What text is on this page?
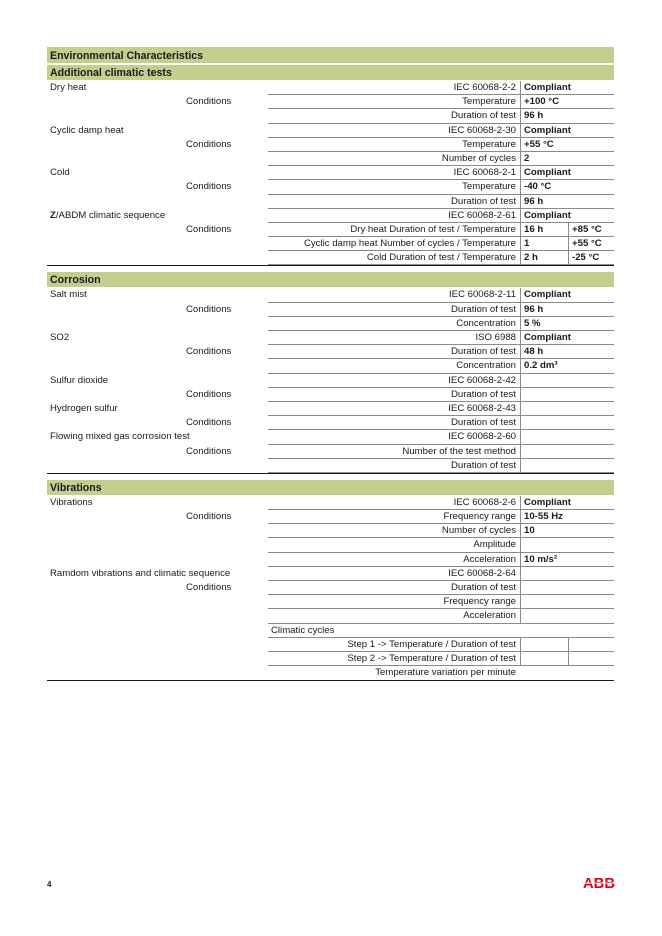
Environmental Characteristics
Additional climatic tests
Dry heat	IEC 60068-2-2 Compliant
Conditions	Temperature +100 °C
Duration of test 96 h
Cyclic damp heat	IEC 60068-2-30 Compliant
Conditions	Temperature +55 °C
Number of cycles 2
Cold	IEC 60068-2-1 Compliant
Conditions	Temperature -40 °C
Duration of test 96 h
Z/ABDM climatic sequence	IEC 60068-2-61 Compliant
Conditions	Dry heat Duration of test / Temperature 16 h	+85 °C
Cyclic damp heat Number of cycles / Temperature 1	+55 °C
Cold Duration of test / Temperature 2 h	-25 °C
Corrosion
Salt mist	IEC 60068-2-11 Compliant
Conditions	Duration of test 96 h
Concentration 5 %
SO2	ISO 6988 Compliant
Conditions	Duration of test 48 h
Concentration 0.2 dm³
Sulfur dioxide	IEC 60068-2-42
Conditions	Duration of test
Hydrogen sulfur	IEC 60068-2-43
Conditions	Duration of test
Flowing mixed gas corrosion test	IEC 60068-2-60
Conditions	Number of the test method
Duration of test
Vibrations
Vibrations	IEC 60068-2-6 Compliant
Conditions	Frequency range 10-55 Hz
Number of cycles 10
Amplitude
Acceleration 10 m/s²
Ramdom vibrations and climatic sequence	IEC 60068-2-64
Conditions	Duration of test
Frequency range
Acceleration
Climatic cycles
Step 1 -> Temperature / Duration of test
Step 2 -> Temperature / Duration of test
Temperature variation per minute
4	ABB
